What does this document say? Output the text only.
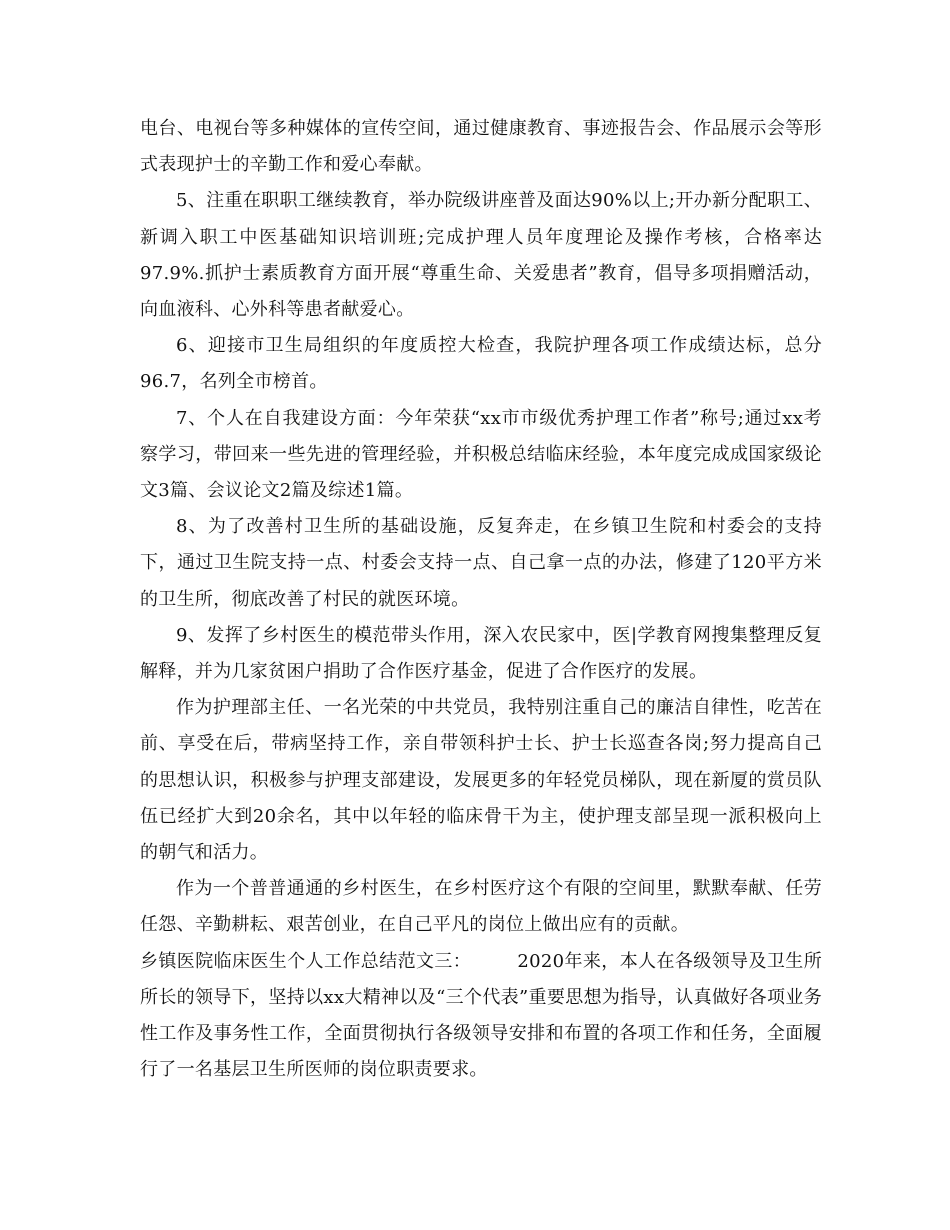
电台、电视台等多种媒体的宣传空间，通过健康教育、事迹报告会、作品展示会等形式表现护士的辛勤工作和爱心奉献。

5、注重在职职工继续教育，举办院级讲座普及面达90%以上;开办新分配职工、新调入职工中医基础知识培训班;完成护理人员年度理论及操作考核，合格率达97.9%.抓护士素质教育方面开展“尊重生命、关爱患者”教育，倡导多项捐赠活动，向血液科、心外科等患者献爱心。

6、迎接市卫生局组织的年度质控大检查，我院护理各项工作成绩达标，总分96.7，名列全市榜首。

7、个人在自我建设方面：今年荣获“xx市市级优秀护理工作者”称号;通过xx考察学习，带回来一些先进的管理经验，并积极总结临床经验，本年度完成成国家级论文3篇、会议论文2篇及综述1篇。

8、为了改善村卫生所的基础设施，反复奔走，在乡镇卫生院和村委会的支持下，通过卫生院支持一点、村委会支持一点、自己拿一点的办法，修建了120平方米的卫生所，彻底改善了村民的就医环境。

9、发挥了乡村医生的模范带头作用，深入农民家中，医|学教育网搜集整理反复解释，并为几家贫困户捐助了合作医疗基金，促进了合作医疗的发展。

作为护理部主任、一名光荣的中共党员，我特别注重自己的廉洁自律性，吃苦在前、享受在后，带病坚持工作，亲自带领科护士长、护士长巡查各岗;努力提高自己的思想认识，积极参与护理支部建设，发展更多的年轻党员梯队，现在新厦的赏员队伍已经扩大到20余名，其中以年轻的临床骨干为主，使护理支部呈现一派积极向上的朝气和活力。

作为一个普普通通的乡村医生，在乡村医疗这个有限的空间里，默默奉献、任劳任怨、辛勤耕耘、艰苦创业，在自己平凡的岗位上做出应有的贡献。

乡镇医院临床医生个人工作总结范文三：　　　2020年来，本人在各级领导及卫生所所长的领导下，坚持以xx大精神以及“三个代表”重要思想为指导，认真做好各项业务性工作及事务性工作，全面贯彻执行各级领导安排和布置的各项工作和任务，全面履行了一名基层卫生所医师的岗位职责要求。
